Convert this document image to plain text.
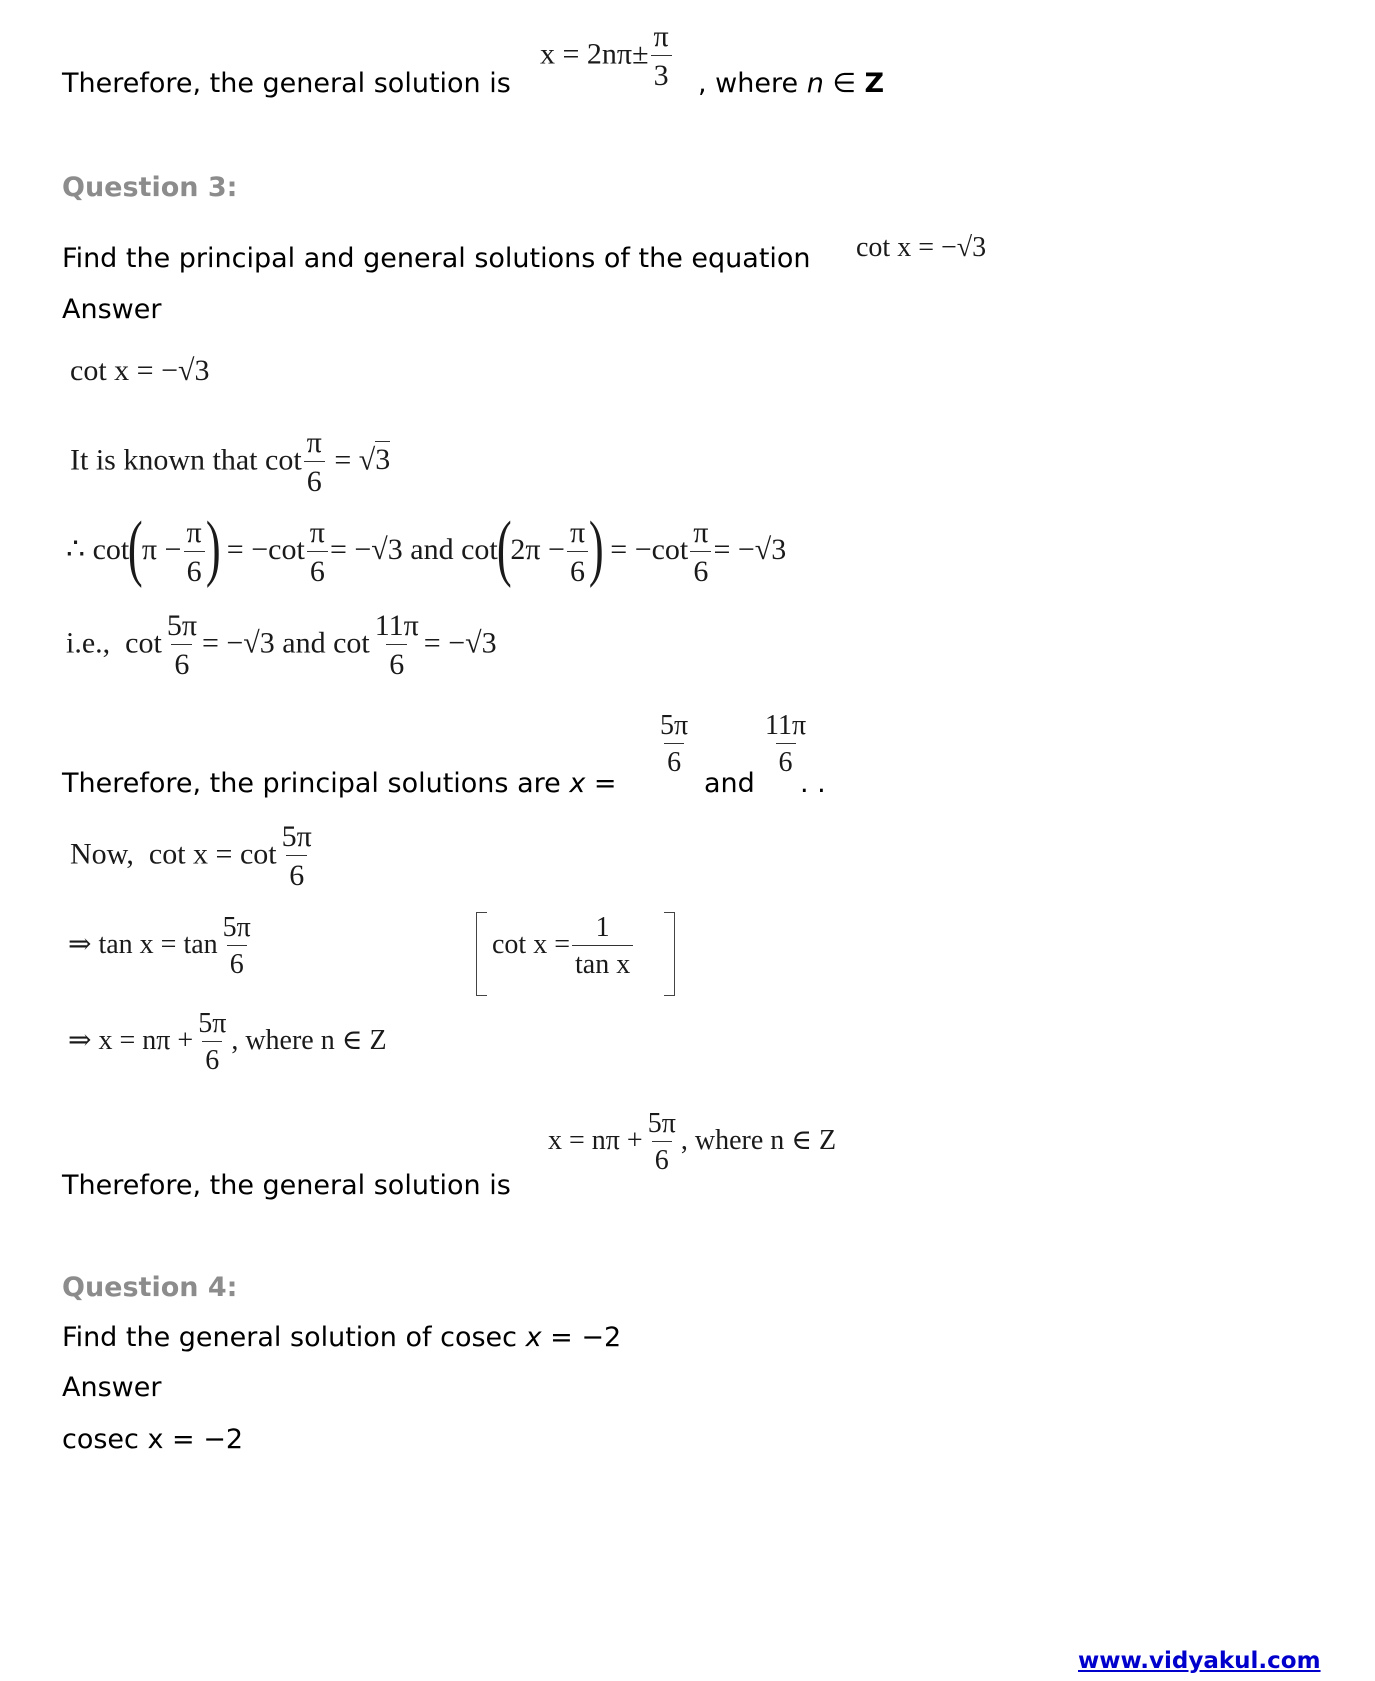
$x = 2n\pi\pm \frac{\pi}{3}$
Therefore, the general solution is	, where n ∈ Z
Question 3:
Find the principal and general solutions of the equation cot x = −√3
Answer
cot x = −√3
It is known that $\cot \frac{\pi}{6} = √3$
∴ $\cot(\pi - \frac{\pi}{6}$ ) = $-\cot \frac{\pi}{6} = -√3$ and $\cot(2\pi - \frac{\pi}{6}$ ) = $-\cot \frac{\pi}{6} = -√3$
i.e., $\cot \frac{5\pi}{6} = -√3$ and $\cot \frac{11\pi}{6} = -√3$
Therefore, the principal solutions are x =
$\frac{5\pi}{6}$
and
$\frac{11\pi}{6}$
. .
Now, $\cot x = \cot \frac{5\pi}{6}$
⇒ $\tan x = \tan \frac{5\pi}{6}$	$\cot x = \frac{1}{\text{tan x}}$
⇒ $x = n\pi + \frac{5\pi}{6}$ , where n ∈ Z
$x = n\pi + \frac{5\pi}{6}$ , where n ∈ Z
Therefore, the general solution is
Question 4:
Find the general solution of cosec x = −2
Answer
cosec x = −2
www.vidyakul.com
